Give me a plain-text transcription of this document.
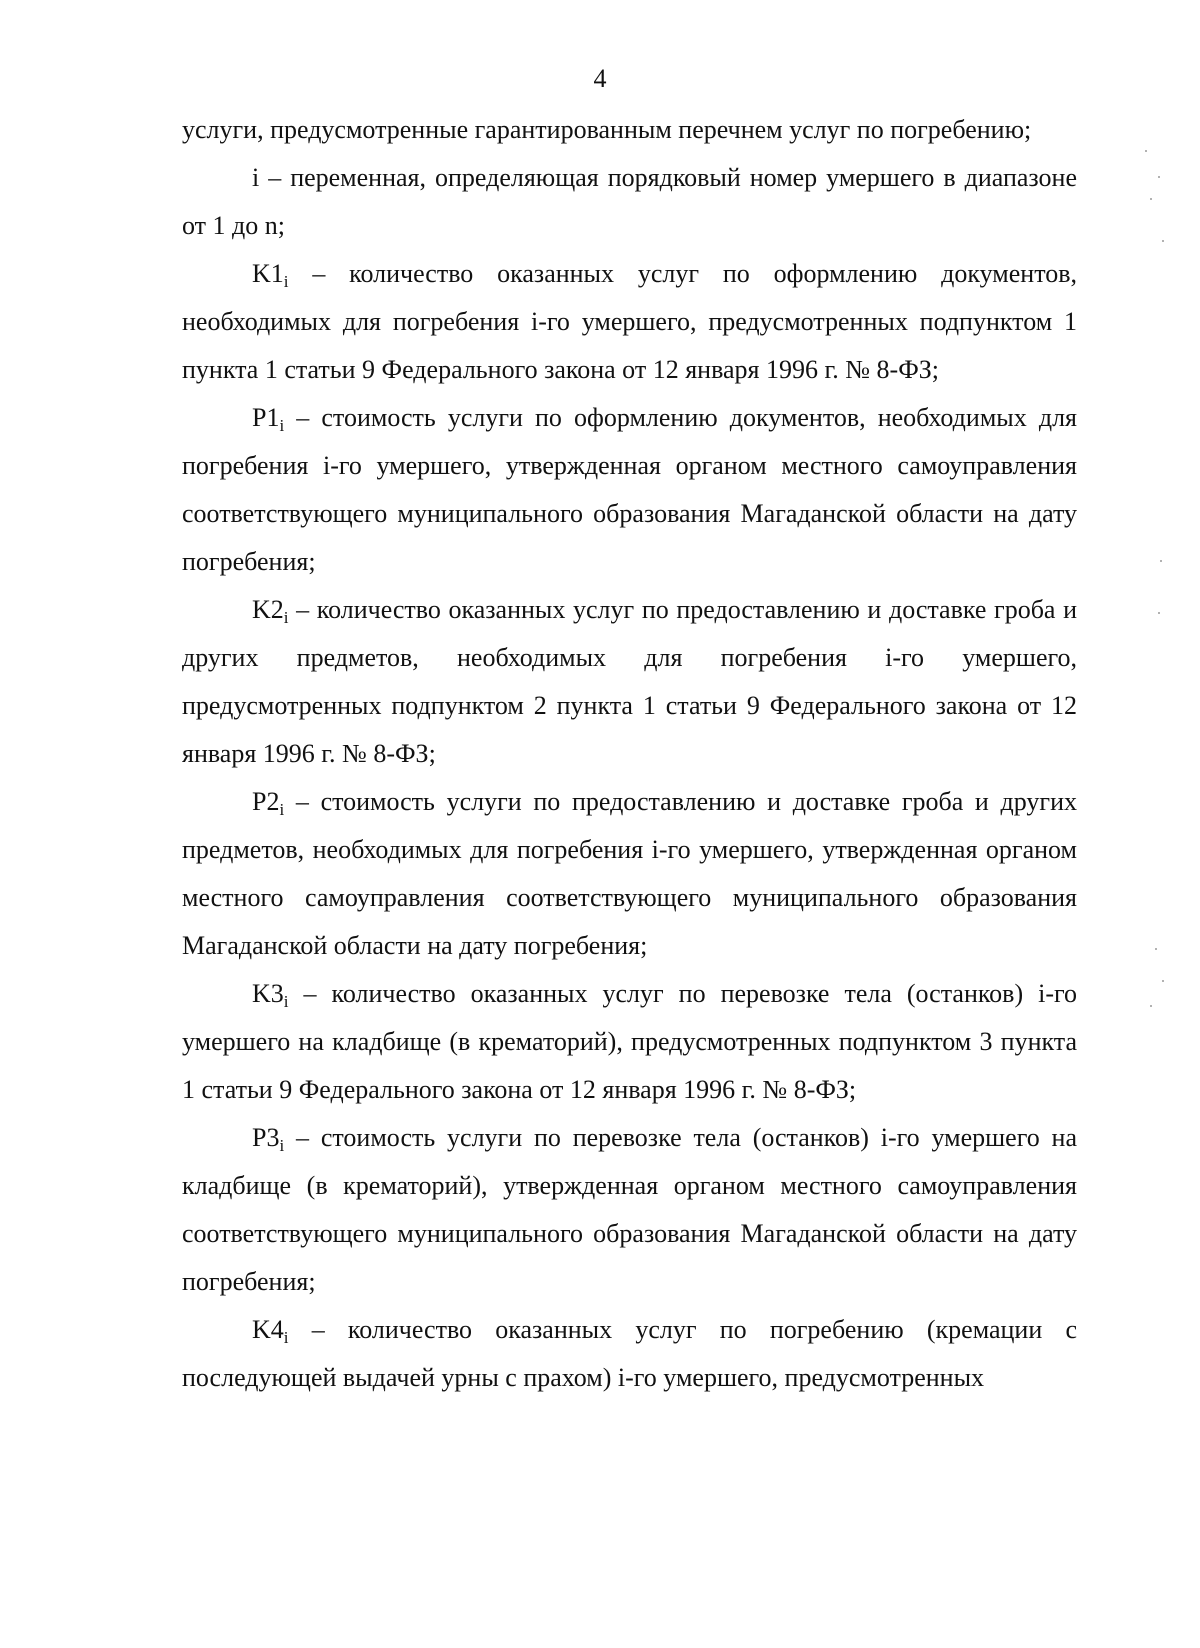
4

услуги, предусмотренные гарантированным перечнем услуг по погребению;

i – переменная, определяющая порядковый номер умершего в диапазоне от 1 до n;

$K1_i$ – количество оказанных услуг по оформлению документов, необходимых для погребения i-го умершего, предусмотренных подпунктом 1 пункта 1 статьи 9 Федерального закона от 12 января 1996 г. № 8-ФЗ;

$P1_i$ – стоимость услуги по оформлению документов, необходимых для погребения i-го умершего, утвержденная органом местного самоуправления соответствующего муниципального образования Магаданской области на дату погребения;

$K2_i$ – количество оказанных услуг по предоставлению и доставке гроба и других предметов, необходимых для погребения i-го умершего, предусмотренных подпунктом 2 пункта 1 статьи 9 Федерального закона от 12 января 1996 г. № 8-ФЗ;

$P2_i$ – стоимость услуги по предоставлению и доставке гроба и других предметов, необходимых для погребения i-го умершего, утвержденная органом местного самоуправления соответствующего муниципального образования Магаданской области на дату погребения;

$K3_i$ – количество оказанных услуг по перевозке тела (останков) i-го умершего на кладбище (в крематорий), предусмотренных подпунктом 3 пункта 1 статьи 9 Федерального закона от 12 января 1996 г. № 8-ФЗ;

$P3_i$ – стоимость услуги по перевозке тела (останков) i-го умершего на кладбище (в крематорий), утвержденная органом местного самоуправления соответствующего муниципального образования Магаданской области на дату погребения;

$K4_i$ – количество оказанных услуг по погребению (кремации с последующей выдачей урны с прахом) i-го умершего, предусмотренных
